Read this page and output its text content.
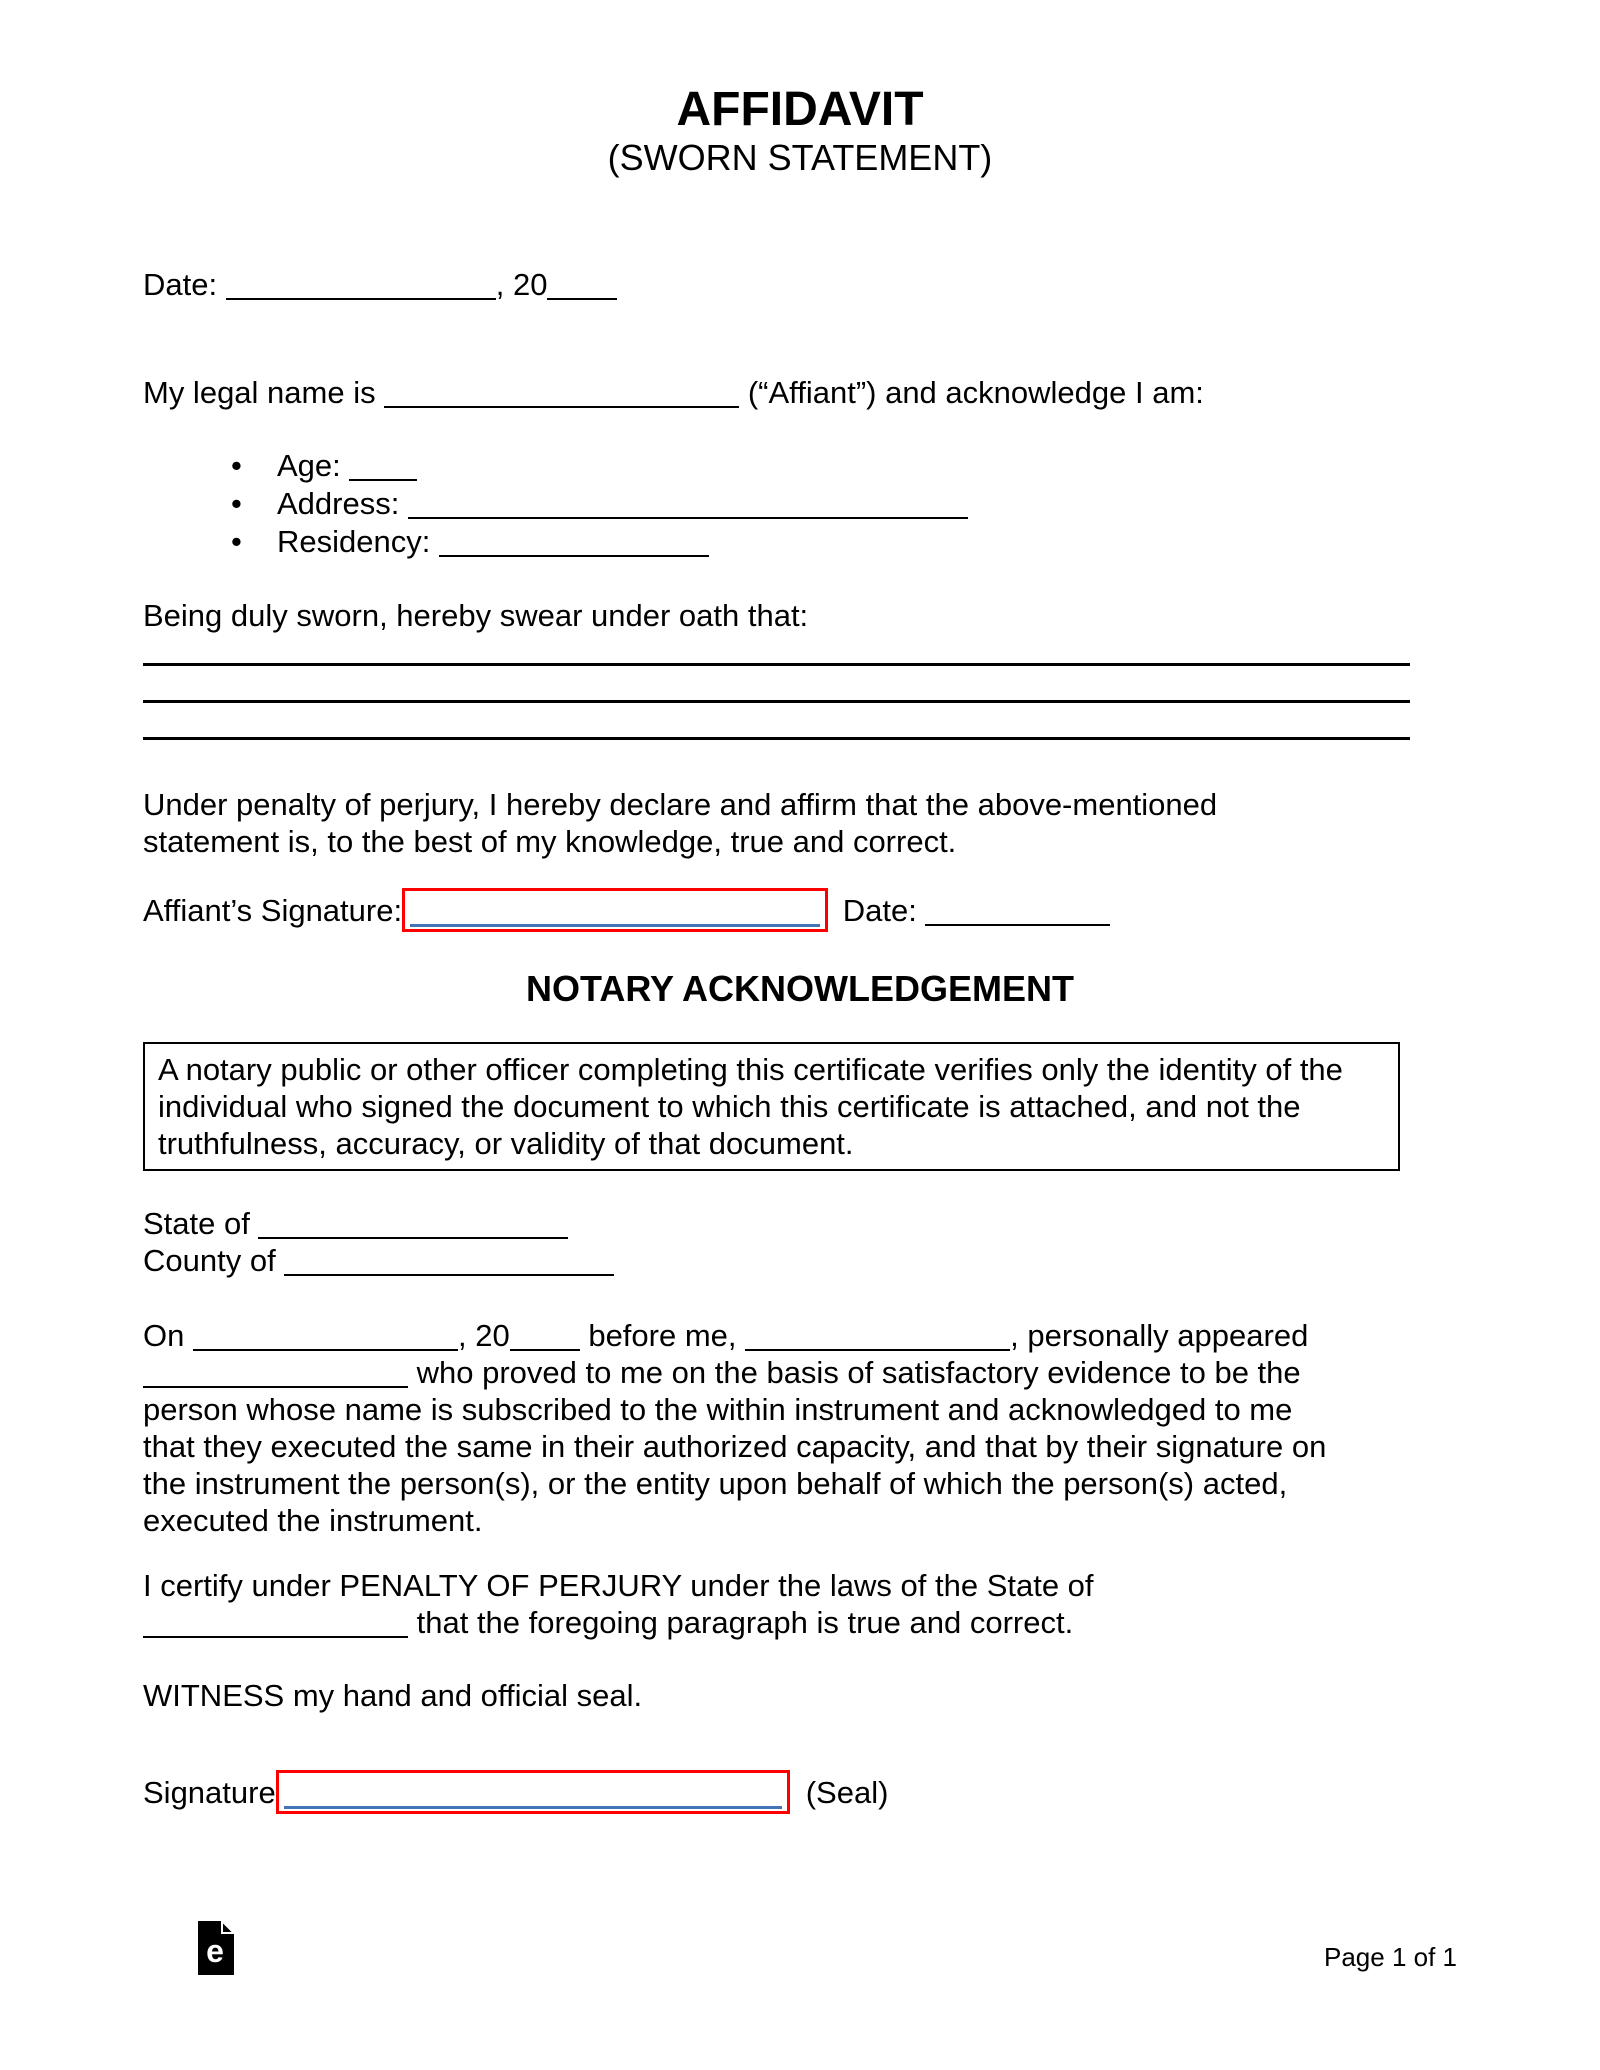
AFFIDAVIT
(SWORN STATEMENT)
Date:	, 20
My legal name is	(“Affiant”) and acknowledge I am:
• Age:
• Address:
• Residency:
Being duly sworn, hereby swear under oath that:
Under penalty of perjury, I hereby declare and affirm that the above-mentioned
statement is, to the best of my knowledge, true and correct.
Affiant’s Signature:	Date:
NOTARY ACKNOWLEDGEMENT
A notary public or other officer completing this certificate verifies only the identity of the
individual who signed the document to which this certificate is attached, and not the
truthfulness, accuracy, or validity of that document.
State of
County of
On	, 20	before me,	, personally appeared
who proved to me on the basis of satisfactory evidence to be the
person whose name is subscribed to the within instrument and acknowledged to me
that they executed the same in their authorized capacity, and that by their signature on
the instrument the person(s), or the entity upon behalf of which the person(s) acted,
executed the instrument.
I certify under PENALTY OF PERJURY under the laws of the State of
that the foregoing paragraph is true and correct.
WITNESS my hand and official seal.
Signature	(Seal)
e	Page 1 of 1
